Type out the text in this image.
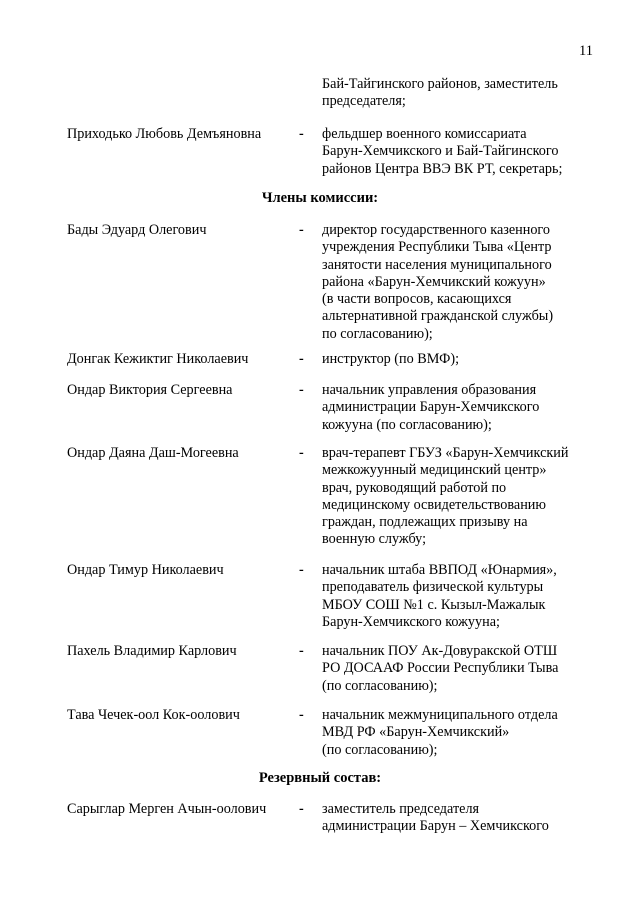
11
Бай-Тайгинского районов, заместитель
председателя;
Приходько Любовь Демъяновна	- фельдшер военного комиссариата
Барун-Хемчикского и Бай-Тайгинского
районов Центра ВВЭ ВК РТ, секретарь;
Члены комиссии:
Бады Эдуард Олегович	- директор государственного казенного
учреждения Республики Тыва «Центр
занятости населения муниципального
района «Барун-Хемчикский кожуун»
(в части вопросов, касающихся
альтернативной гражданской службы)
по согласованию);
Донгак Кежиктиг Николаевич	- инструктор (по ВМФ);
Ондар Виктория Сергеевна	- начальник управления образования
администрации Барун-Хемчикского
кожууна (по согласованию);
Ондар Даяна Даш-Могеевна	- врач-терапевт ГБУЗ «Барун-Хемчикский
межкожуунный медицинский центр»
врач, руководящий работой по
медицинскому освидетельствованию
граждан, подлежащих призыву на
военную службу;
Ондар Тимур Николаевич	- начальник штаба ВВПОД «Юнармия»,
преподаватель физической культуры
МБОУ СОШ №1 с. Кызыл-Мажалык
Барун-Хемчикского кожууна;
Пахель Владимир Карлович	- начальник ПОУ Ак-Довуракской ОТШ
РО ДОСААФ России Республики Тыва
(по согласованию);
Тава Чечек-оол Кок-оолович	- начальник межмуниципального отдела
МВД РФ «Барун-Хемчикский»
(по согласованию);
Резервный состав:
Сарыглар Мерген Ачын-оолович	- заместитель председателя
администрации Барун – Хемчикского
